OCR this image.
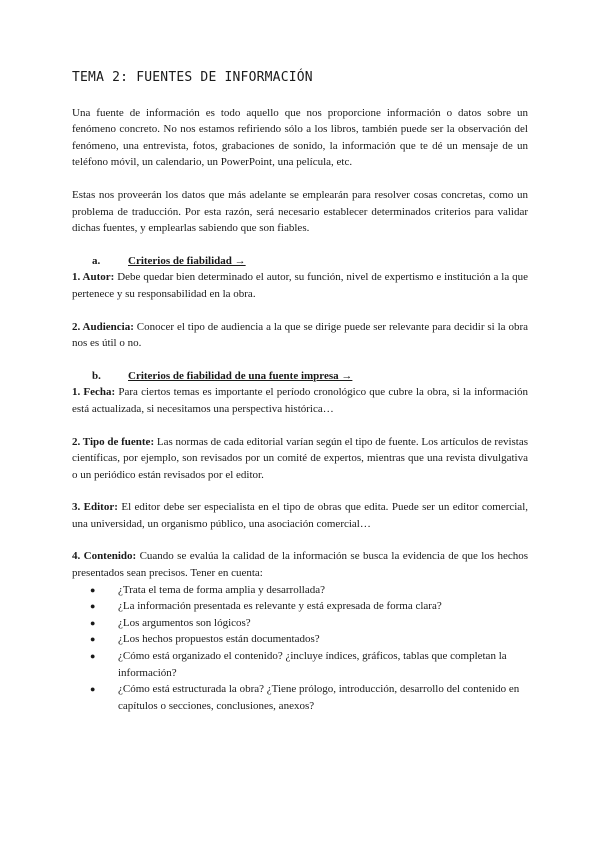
TEMA 2: FUENTES DE INFORMACIÓN

Una fuente de información es todo aquello que nos proporcione información o datos sobre un fenómeno concreto. No nos estamos refiriendo sólo a los libros, también puede ser la observación del fenómeno, una entrevista, fotos, grabaciones de sonido, la información que te dé un mensaje de un teléfono móvil, un calendario, un PowerPoint, una película, etc.

Estas nos proveerán los datos que más adelante se emplearán para resolver cosas concretas, como un problema de traducción. Por esta razón, será necesario establecer determinados criterios para validar dichas fuentes, y emplearlas sabiendo que son fiables.

a.	Criterios de fiabilidad →

1. Autor: Debe quedar bien determinado el autor, su función, nivel de expertismo e institución a la que pertenece y su responsabilidad en la obra.

2. Audiencia: Conocer el tipo de audiencia a la que se dirige puede ser relevante para decidir si la obra nos es útil o no.

b. Criterios de fiabilidad de una fuente impresa →

1. Fecha: Para ciertos temas es importante el período cronológico que cubre la obra, si la información está actualizada, si necesitamos una perspectiva histórica…

2. Tipo de fuente: Las normas de cada editorial varían según el tipo de fuente. Los artículos de revistas científicas, por ejemplo, son revisados por un comité de expertos, mientras que una revista divulgativa o un periódico están revisados por el editor.

3. Editor: El editor debe ser especialista en el tipo de obras que edita. Puede ser un editor comercial, una universidad, un organismo público, una asociación comercial…

4. Contenido: Cuando se evalúa la calidad de la información se busca la evidencia de que los hechos presentados sean precisos. Tener en cuenta:

● ¿Trata el tema de forma amplia y desarrollada?
● ¿La información presentada es relevante y está expresada de forma clara?
● ¿Los argumentos son lógicos?
● ¿Los hechos propuestos están documentados?
● ¿Cómo está organizado el contenido? ¿incluye índices, gráficos, tablas que completan la información?
● ¿Cómo está estructurada la obra? ¿Tiene prólogo, introducción, desarrollo del contenido en capítulos o secciones, conclusiones, anexos?
